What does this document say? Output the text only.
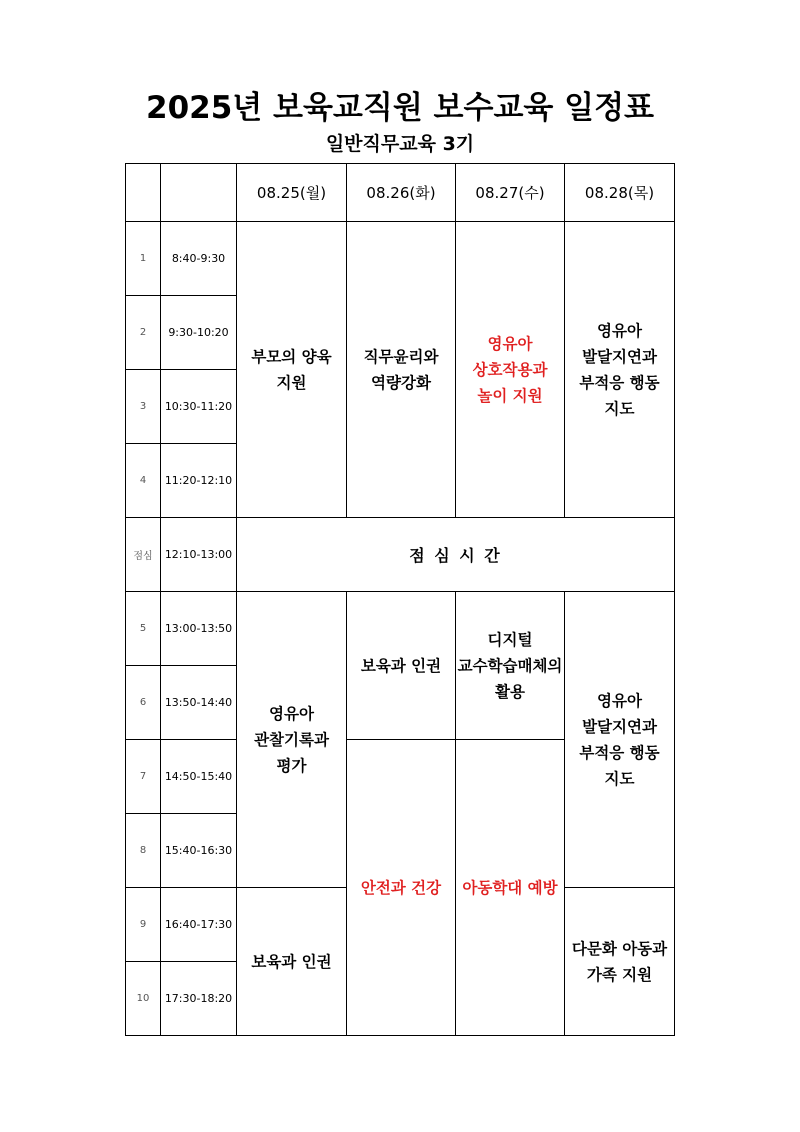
2025년 보육교직원 보수교육 일정표
일반직무교육 3기
		08.25(월)	08.26(화)	08.27(수)	08.28(목)
1	8:40-9:30	부모의 양육 지원	직무윤리와 역량강화	영유아 상호작용과 놀이 지원	영유아 발달지연과 부적응 행동 지도
2	9:30-10:20				
3	10:30-11:20				
4	11:20-12:10				
점심	12:10-13:00	점 심 시 간			
5	13:00-13:50	영유아 관찰기록과 평가	보육과 인권	디지털 교수학습매체의 활용	영유아 발달지연과 부적응 행동 지도
6	13:50-14:40				
7	14:50-15:40		안전과 건강	아동학대 예방	
8	15:40-16:30				
9	16:40-17:30	보육과 인권			다문화 아동과 가족 지원
10	17:30-18:20				
